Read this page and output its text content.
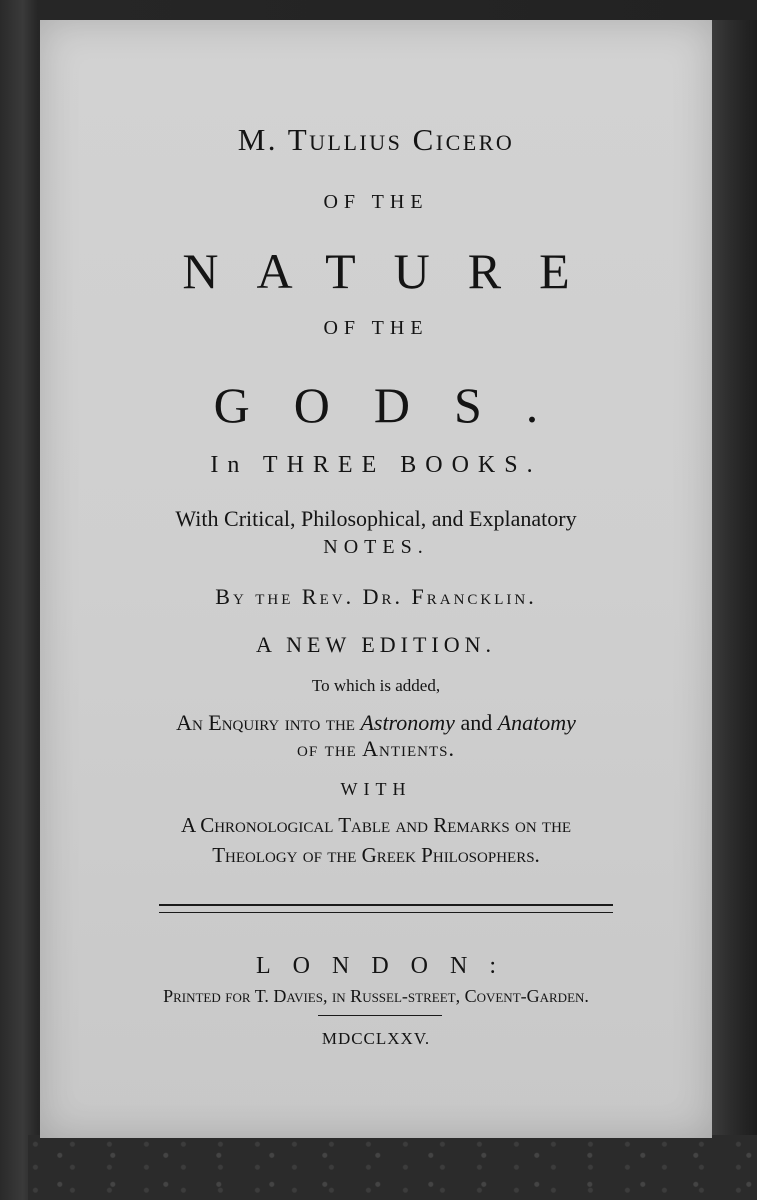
M. Tullius Cicero
OF THE
NATURE
OF THE
GODS.
In THREE BOOKS.
With Critical, Philosophical, and Explanatory
NOTES.
By the Rev. Dr. Francklin.
A NEW EDITION.
To which is added,
An Enquiry into the Astronomy and Anatomy
of the Antients.
WITH
A Chronological Table and Remarks on the
Theology of the Greek Philosophers.
LONDON:
Printed for T. Davies, in Russel-street, Covent-Garden.
MDCCLXXV.
